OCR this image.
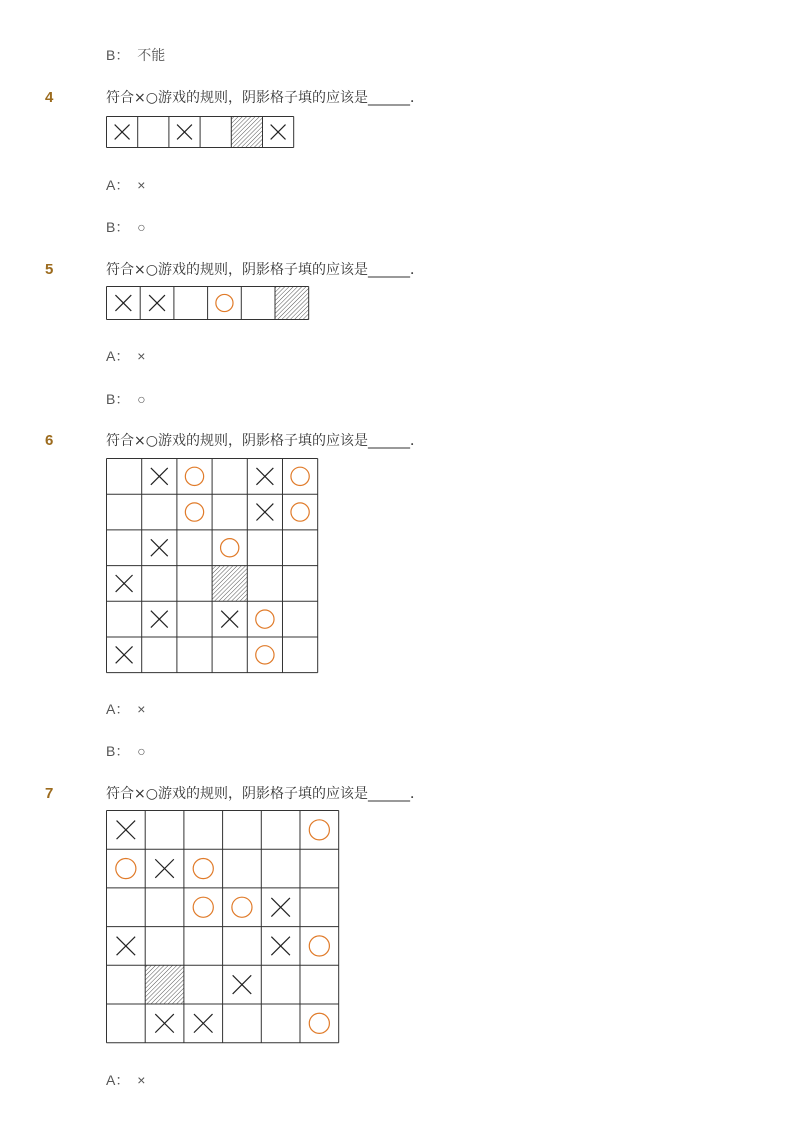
B： 不能
4	符合×○游戏的规则，阴影格子填的应该是______．
A： ×
B： ○
5	符合×○游戏的规则，阴影格子填的应该是______．
A： ×
B： ○
6	符合×○游戏的规则，阴影格子填的应该是______．
A： ×
B： ○
7	符合×○游戏的规则，阴影格子填的应该是______．
A： ×
